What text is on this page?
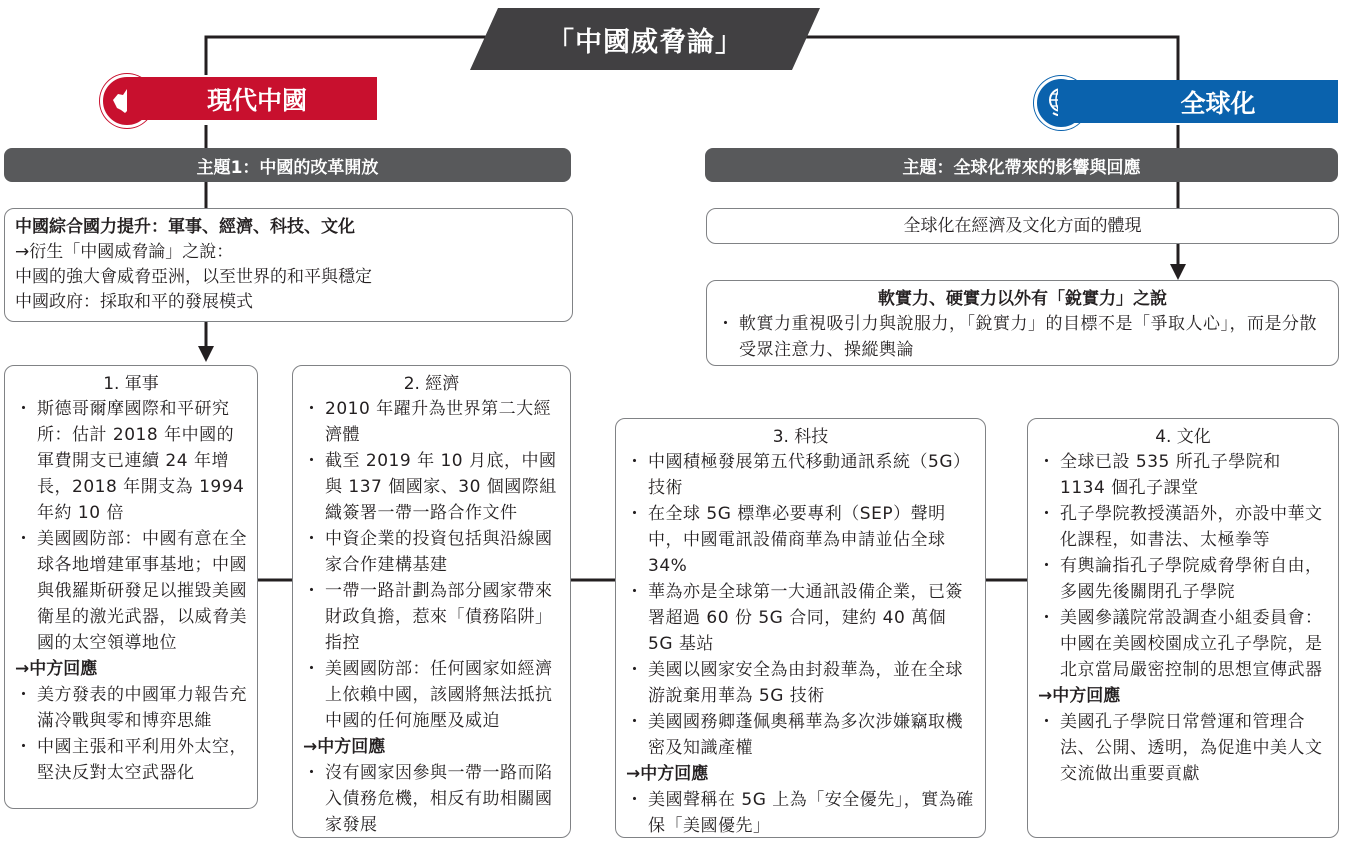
「中國威脅論」
現代中國	全球化
主題1：中國的改革開放	主題：全球化帶來的影響與回應
中國綜合國力提升：軍事、經濟、科技、文化
→衍生「中國威脅論」之說：
中國的強大會威脅亞洲，以至世界的和平與穩定
中國政府：採取和平的發展模式
全球化在經濟及文化方面的體現
軟實力、硬實力以外有「銳實力」之說
・ 軟實力重視吸引力與說服力，「銳實力」的目標不是「爭取人心」，而是分散受眾注意力、操縱輿論
1. 軍事
・ 斯德哥爾摩國際和平研究所：估計 2018 年中國的軍費開支已連續 24 年增長，2018 年開支為 1994 年約 10 倍
・ 美國國防部：中國有意在全球各地增建軍事基地；中國與俄羅斯研發足以摧毀美國衛星的激光武器，以威脅美國的太空領導地位
→中方回應
・ 美方發表的中國軍力報告充滿冷戰與零和博弈思維
・ 中國主張和平利用外太空，堅決反對太空武器化
2. 經濟
・ 2010 年躍升為世界第二大經濟體
・ 截至 2019 年 10 月底，中國與 137 個國家、30 個國際組織簽署一帶一路合作文件
・ 中資企業的投資包括與沿線國家合作建構基建
・ 一帶一路計劃為部分國家帶來財政負擔，惹來「債務陷阱」指控
・ 美國國防部：任何國家如經濟上依賴中國，該國將無法抵抗中國的任何施壓及威迫
→中方回應
・ 沒有國家因參與一帶一路而陷入債務危機，相反有助相關國家發展
3. 科技
・ 中國積極發展第五代移動通訊系統（5G）技術
・ 在全球 5G 標準必要專利（SEP）聲明中，中國電訊設備商華為申請並佔全球 34%
・ 華為亦是全球第一大通訊設備企業，已簽署超過 60 份 5G 合同，建約 40 萬個 5G 基站
・ 美國以國家安全為由封殺華為，並在全球游說棄用華為 5G 技術
・ 美國國務卿蓬佩奧稱華為多次涉嫌竊取機密及知識產權
→中方回應
・ 美國聲稱在 5G 上為「安全優先」，實為確保「美國優先」
4. 文化
・ 全球已設 535 所孔子學院和 1134 個孔子課堂
・ 孔子學院教授漢語外，亦設中華文化課程，如書法、太極拳等
・ 有輿論指孔子學院威脅學術自由，多國先後關閉孔子學院
・ 美國參議院常設調查小組委員會：中國在美國校園成立孔子學院，是北京當局嚴密控制的思想宣傳武器
→中方回應
・ 美國孔子學院日常營運和管理合法、公開、透明，為促進中美人文交流做出重要貢獻
